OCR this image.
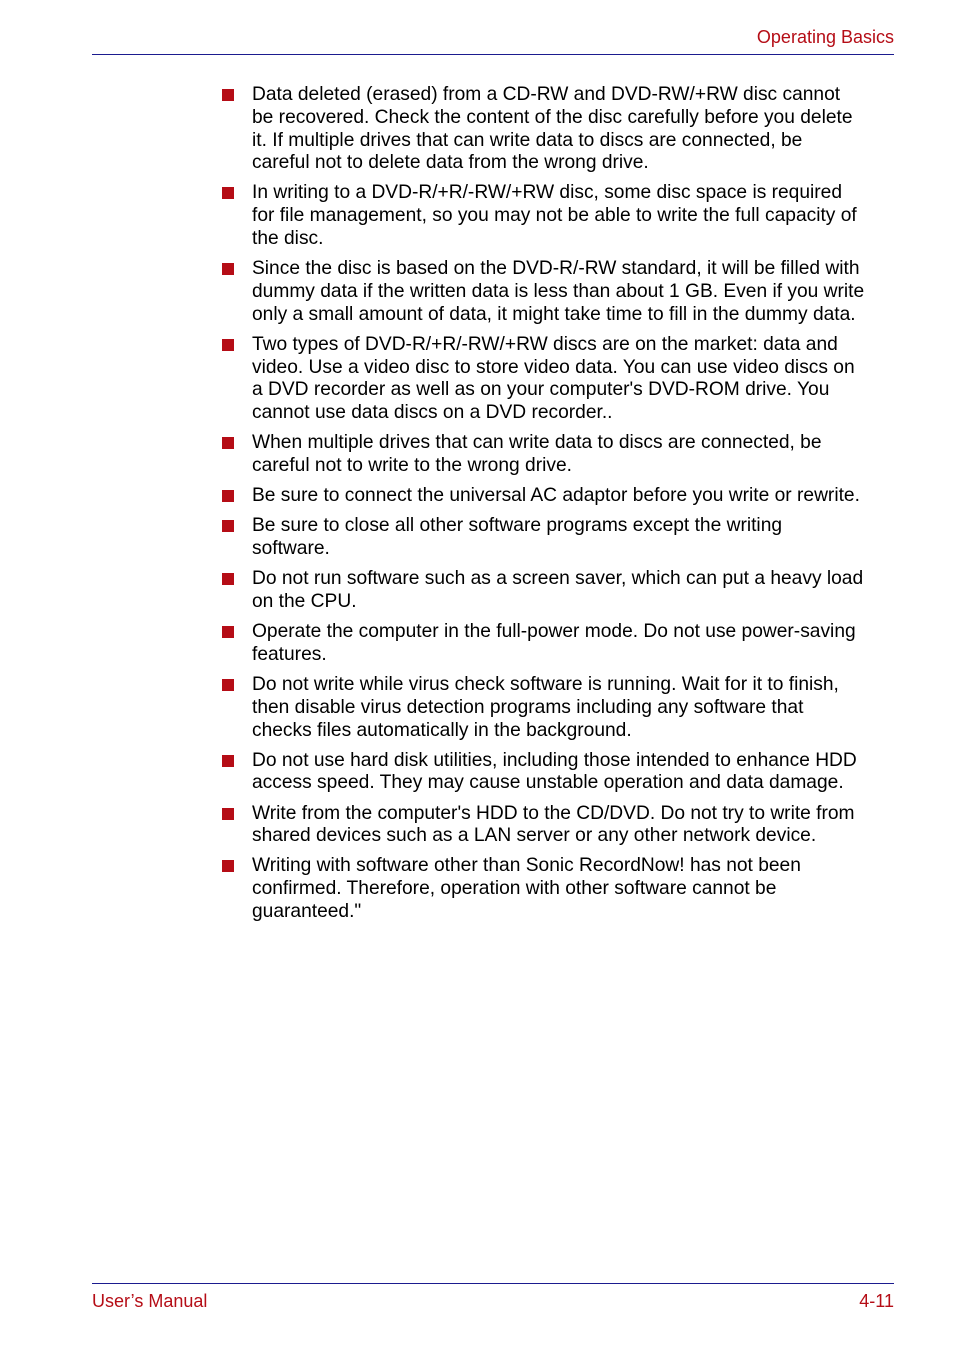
Operating Basics
Data deleted (erased) from a CD-RW and DVD-RW/+RW disc cannot
be recovered. Check the content of the disc carefully before you delete
it. If multiple drives that can write data to discs are connected, be
careful not to delete data from the wrong drive.
In writing to a DVD-R/+R/-RW/+RW disc, some disc space is required
for file management, so you may not be able to write the full capacity of
the disc.
Since the disc is based on the DVD-R/-RW standard, it will be filled with
dummy data if the written data is less than about 1 GB. Even if you write
only a small amount of data, it might take time to fill in the dummy data.
Two types of DVD-R/+R/-RW/+RW discs are on the market: data and
video. Use a video disc to store video data. You can use video discs on
a DVD recorder as well as on your computer's DVD-ROM drive. You
cannot use data discs on a DVD recorder..
When multiple drives that can write data to discs are connected, be
careful not to write to the wrong drive.
Be sure to connect the universal AC adaptor before you write or rewrite.
Be sure to close all other software programs except the writing
software.
Do not run software such as a screen saver, which can put a heavy load
on the CPU.
Operate the computer in the full-power mode. Do not use power-saving
features.
Do not write while virus check software is running. Wait for it to finish,
then disable virus detection programs including any software that
checks files automatically in the background.
Do not use hard disk utilities, including those intended to enhance HDD
access speed. They may cause unstable operation and data damage.
Write from the computer's HDD to the CD/DVD. Do not try to write from
shared devices such as a LAN server or any other network device.
Writing with software other than Sonic RecordNow! has not been
confirmed. Therefore, operation with other software cannot be
guaranteed."
User’s Manual	4-11
